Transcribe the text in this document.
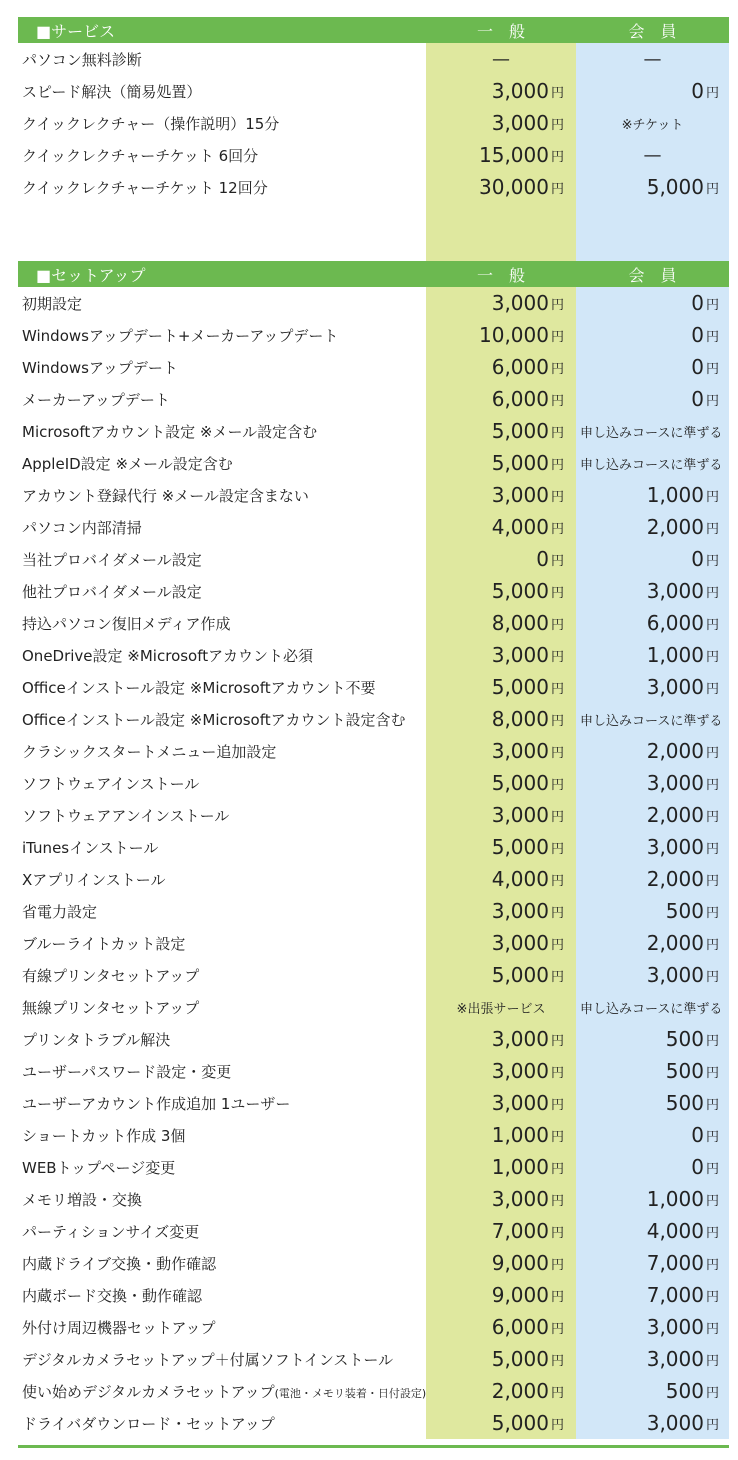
■サービス	一　般	会　員
パソコン無料診断	—	—
スピード解決（簡易処置）	3,000 円	0 円
クイックレクチャー（操作説明）15分	3,000 円	※チケット
クイックレクチャーチケット 6回分	15,000 円	—
クイックレクチャーチケット 12回分	30,000 円	5,000 円
■セットアップ	一　般	会　員
初期設定	3,000 円	0 円
Windowsアップデート+メーカーアップデート	10,000 円	0 円
Windowsアップデート	6,000 円	0 円
メーカーアップデート	6,000 円	0 円
Microsoftアカウント設定 ※メール設定含む	5,000 円 申し込みコースに準ずる
AppleID設定 ※メール設定含む	5,000 円 申し込みコースに準ずる
アカウント登録代行 ※メール設定含まない	3,000 円	1,000 円
パソコン内部清掃	4,000 円	2,000 円
当社プロバイダメール設定	0 円	0 円
他社プロバイダメール設定	5,000 円	3,000 円
持込パソコン復旧メディア作成	8,000 円	6,000 円
OneDrive設定 ※Microsoftアカウント必須	3,000 円	1,000 円
Officeインストール設定 ※Microsoftアカウント不要	5,000 円	3,000 円
Officeインストール設定 ※Microsoftアカウント設定含む	8,000 円 申し込みコースに準ずる
クラシックスタートメニュー追加設定	3,000 円	2,000 円
ソフトウェアインストール	5,000 円	3,000 円
ソフトウェアアンインストール	3,000 円	2,000 円
iTunesインストール	5,000 円	3,000 円
Xアプリインストール	4,000 円	2,000 円
省電力設定	3,000 円	500 円
ブルーライトカット設定	3,000 円	2,000 円
有線プリンタセットアップ	5,000 円	3,000 円
無線プリンタセットアップ	※出張サービス	申し込みコースに準ずる
プリンタトラブル解決	3,000 円	500 円
ユーザーパスワード設定・変更	3,000 円	500 円
ユーザーアカウント作成追加 1ユーザー	3,000 円	500 円
ショートカット作成 3個	1,000 円	0 円
WEBトップページ変更	1,000 円	0 円
メモリ増設・交換	3,000 円	1,000 円
パーティションサイズ変更	7,000 円	4,000 円
内蔵ドライブ交換・動作確認	9,000 円	7,000 円
内蔵ボード交換・動作確認	9,000 円	7,000 円
外付け周辺機器セットアップ	6,000 円	3,000 円
デジタルカメラセットアップ＋付属ソフトインストール	5,000 円	3,000 円
使い始めデジタルカメラセットアップ(電池・メモリ装着・日付設定)	2,000 円	500 円
ドライバダウンロード・セットアップ	5,000 円	3,000 円
